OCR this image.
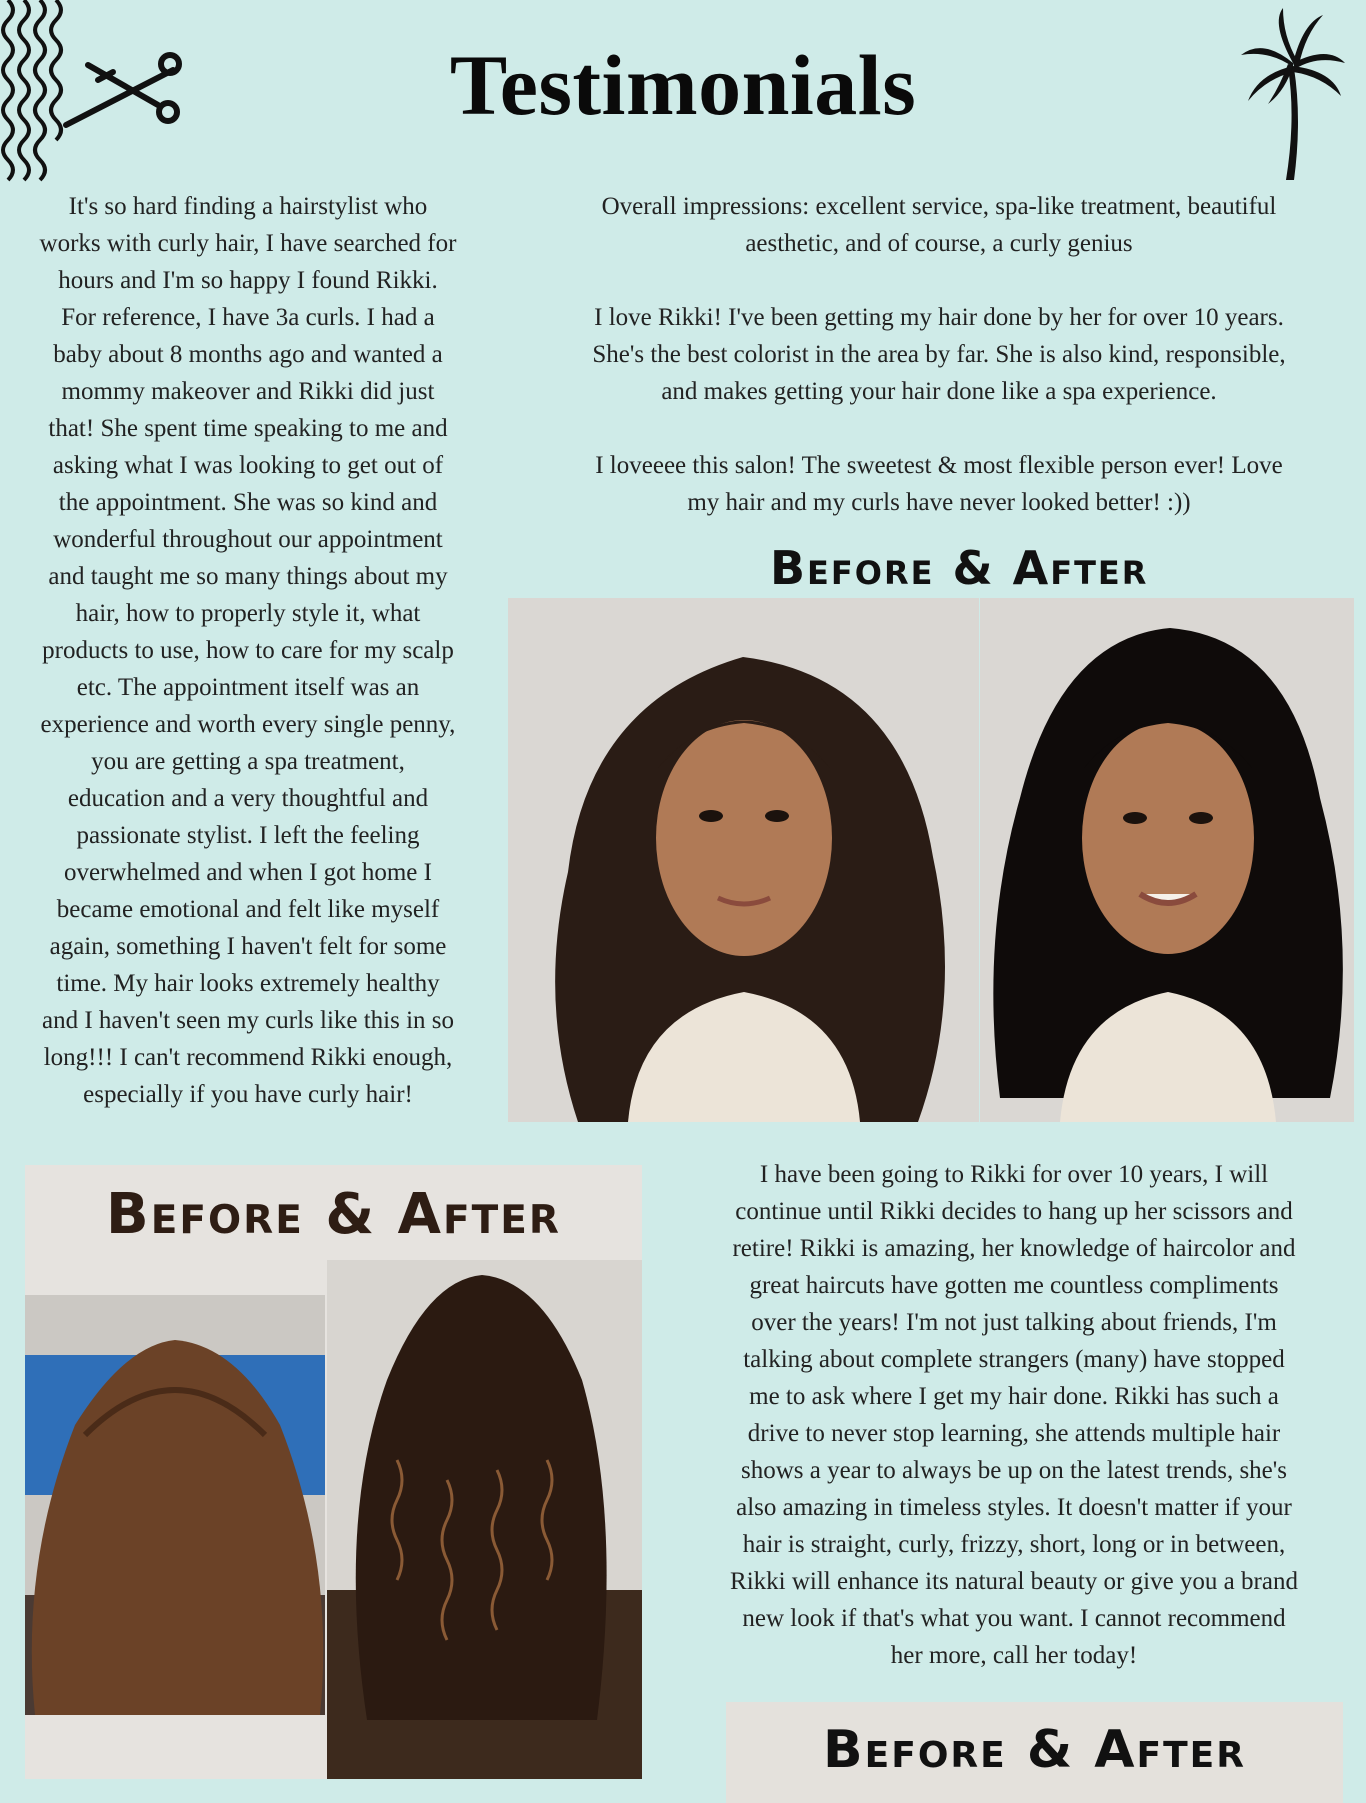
Testimonials

It's so hard finding a hairstylist who
works with curly hair, I have searched for
hours and I'm so happy I found Rikki.
For reference, I have 3a curls. I had a
baby about 8 months ago and wanted a
mommy makeover and Rikki did just
that! She spent time speaking to me and
asking what I was looking to get out of
the appointment. She was so kind and
wonderful throughout our appointment
and taught me so many things about my
hair, how to properly style it, what
products to use, how to care for my scalp
etc. The appointment itself was an
experience and worth every single penny,
you are getting a spa treatment,
education and a very thoughtful and
passionate stylist. I left the feeling
overwhelmed and when I got home I
became emotional and felt like myself
again, something I haven't felt for some
time. My hair looks extremely healthy
and I haven't seen my curls like this in so
long!!! I can't recommend Rikki enough,
especially if you have curly hair!

Overall impressions: excellent service, spa-like treatment, beautiful
aesthetic, and of course, a curly genius

I love Rikki! I've been getting my hair done by her for over 10 years.
She's the best colorist in the area by far. She is also kind, responsible,
and makes getting your hair done like a spa experience.

I loveeee this salon! The sweetest & most flexible person ever! Love
my hair and my curls have never looked better! :))

Before & After
Before & After

I have been going to Rikki for over 10 years, I will
continue until Rikki decides to hang up her scissors and
retire! Rikki is amazing, her knowledge of haircolor and
great haircuts have gotten me countless compliments
over the years! I'm not just talking about friends, I'm
talking about complete strangers (many) have stopped
me to ask where I get my hair done. Rikki has such a
drive to never stop learning, she attends multiple hair
shows a year to always be up on the latest trends, she's
also amazing in timeless styles. It doesn't matter if your
hair is straight, curly, frizzy, short, long or in between,
Rikki will enhance its natural beauty or give you a brand
new look if that's what you want. I cannot recommend
her more, call her today!

Before & After
